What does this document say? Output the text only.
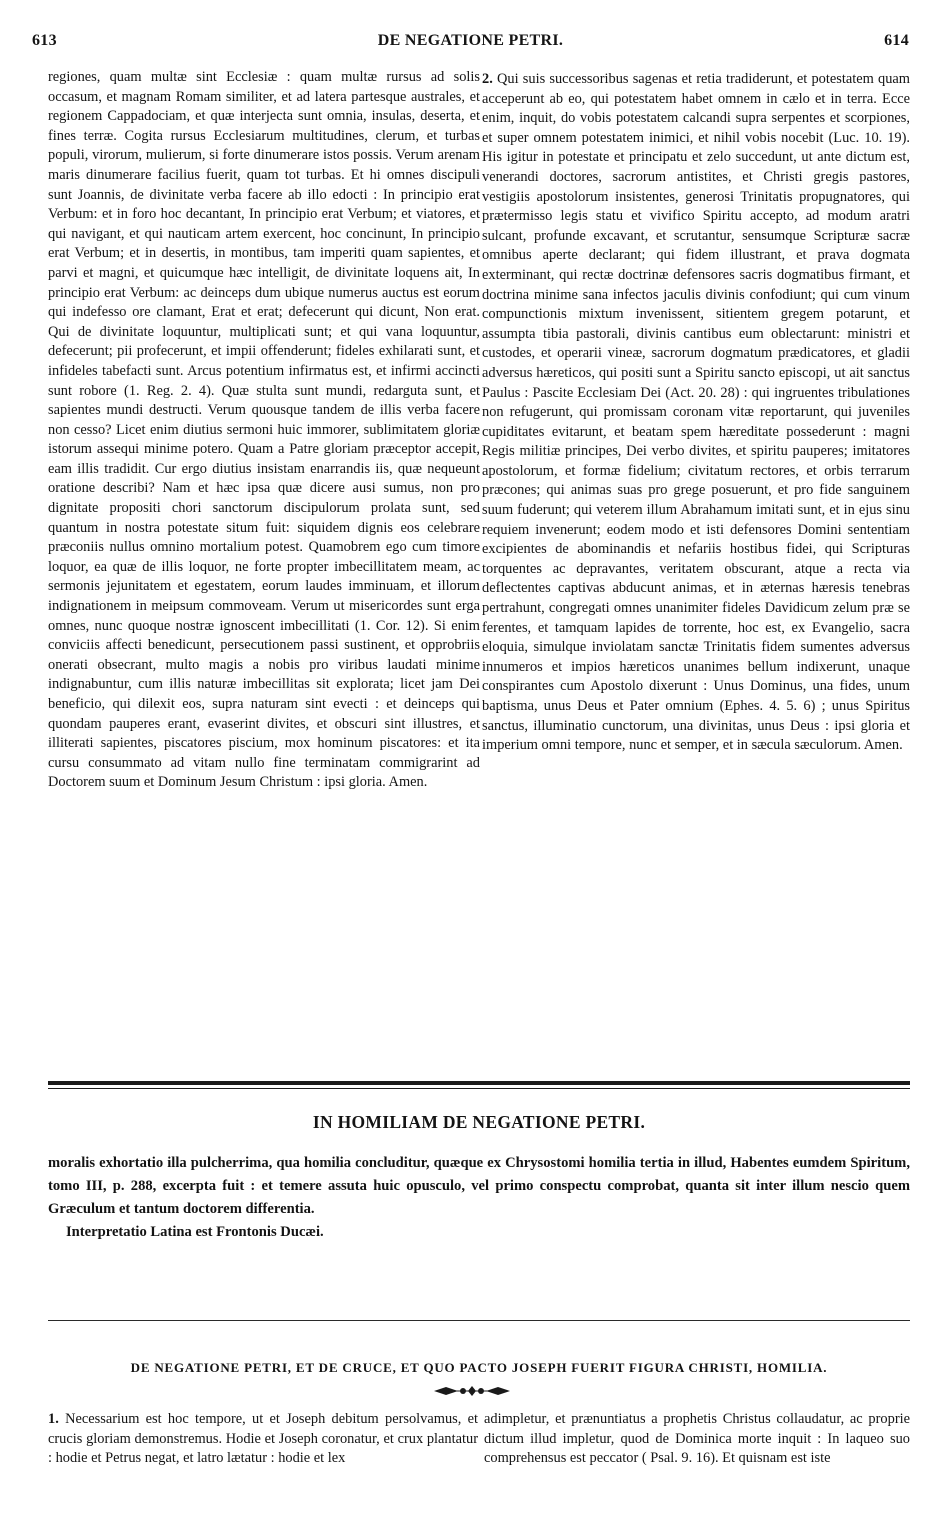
613	DE NEGATIONE PETRI.	614

regiones, quam multæ sint Ecclesiæ : quam multæ rursus ad solis occasum, et magnam Romam similiter, et ad latera partesque australes, et regionem Cappadociam, et quæ interjecta sunt omnia, insulas, deserta, et fines terræ. Cogita rursus Ecclesiarum multitudines, clerum, et turbas populi, virorum, mulierum, si forte dinumerare istos possis. Verum arenam maris dinumerare facilius fuerit, quam tot turbas. Et hi omnes discipuli sunt Joannis, de divinitate verba facere ab illo edocti : In principio erat Verbum: et in foro hoc decantant, In principio erat Verbum; et viatores, et qui navigant, et qui nauticam artem exercent, hoc concinunt, In principio erat Verbum; et in desertis, in montibus, tam imperiti quam sapientes, et parvi et magni, et quicumque hæc intelligit, de divinitate loquens ait, In principio erat Verbum: ac deinceps dum ubique numerus auctus est eorum qui indefesso ore clamant, Erat et erat; defecerunt qui dicunt, Non erat. Qui de divinitate loquuntur, multiplicati sunt; et qui vana loquuntur, defecerunt; pii profecerunt, et impii offenderunt; fideles exhilarati sunt, et infideles tabefacti sunt. Arcus potentium infirmatus est, et infirmi accincti sunt robore (1. Reg. 2. 4). Quæ stulta sunt mundi, redarguta sunt, et sapientes mundi destructi. Verum quousque tandem de illis verba facere non cesso? Licet enim diutius sermoni huic immorer, sublimitatem gloriæ istorum assequi minime potero. Quam a Patre gloriam præceptor accepit, eam illis tradidit. Cur ergo diutius insistam enarrandis iis, quæ nequeunt oratione describi? Nam et hæc ipsa quæ dicere ausi sumus, non pro dignitate propositi chori sanctorum discipulorum prolata sunt, sed quantum in nostra potestate situm fuit: siquidem dignis eos celebrare præconiis nullus omnino mortalium potest. Quamobrem ego cum timore loquor, ea quæ de illis loquor, ne forte propter imbecillitatem meam, ac sermonis jejunitatem et egestatem, eorum laudes imminuam, et illorum indignationem in meipsum commoveam. Verum ut misericordes sunt erga omnes, nunc quoque nostræ ignoscent imbecillitati (1. Cor. 12). Si enim conviciis affecti benedicunt, persecutionem passi sustinent, et opprobriis onerati obsecrant, multo magis a nobis pro viribus laudati minime indignabuntur, cum illis naturæ imbecillitas sit explorata; licet jam Dei beneficio, qui dilexit eos, supra naturam sint evecti : et deinceps qui quondam pauperes erant, evaserint divites, et obscuri sint illustres, et illiterati sapientes, piscatores piscium, mox hominum piscatores: et ita cursu consummato ad vitam nullo fine terminatam commigrarint ad Doctorem suum et Dominum Jesum Christum : ipsi gloria. Amen.

2. Qui suis successoribus sagenas et retia tradiderunt, et potestatem quam acceperunt ab eo, qui potestatem habet omnem in cælo et in terra. Ecce enim, inquit, do vobis potestatem calcandi supra serpentes et scorpiones, et super omnem potestatem inimici, et nihil vobis nocebit (Luc. 10. 19). His igitur in potestate et principatu et zelo succedunt, ut ante dictum est, venerandi doctores, sacrorum antistites, et Christi gregis pastores, vestigiis apostolorum insistentes, generosi Trinitatis propugnatores, qui prætermisso legis statu et vivifico Spiritu accepto, ad modum aratri sulcant, profunde excavant, et scrutantur, sensumque Scripturæ sacræ omnibus aperte declarant; qui fidem illustrant, et prava dogmata exterminant, qui rectæ doctrinæ defensores sacris dogmatibus firmant, et doctrina minime sana infectos jaculis divinis confodiunt; qui cum vinum compunctionis mixtum invenissent, sitientem gregem potarunt, et assumpta tibia pastorali, divinis cantibus eum oblectarunt: ministri et custodes, et operarii vineæ, sacrorum dogmatum prædicatores, et gladii adversus hæreticos, qui positi sunt a Spiritu sancto episcopi, ut ait sanctus Paulus : Pascite Ecclesiam Dei (Act. 20. 28) : qui ingruentes tribulationes non refugerunt, qui promissam coronam vitæ reportarunt, qui juveniles cupiditates evitarunt, et beatam spem hæreditate possederunt : magni Regis militiæ principes, Dei verbo divites, et spiritu pauperes; imitatores apostolorum, et formæ fidelium; civitatum rectores, et orbis terrarum præcones; qui animas suas pro grege posuerunt, et pro fide sanguinem suum fuderunt; qui veterem illum Abrahamum imitati sunt, et in ejus sinu requiem invenerunt; eodem modo et isti defensores Domini sententiam excipientes de abominandis et nefariis hostibus fidei, qui Scripturas torquentes ac depravantes, veritatem obscurant, atque a recta via deflectentes captivas abducunt animas, et in æternas hæresis tenebras pertrahunt, congregati omnes unanimiter fideles Davidicum zelum præ se ferentes, et tamquam lapides de torrente, hoc est, ex Evangelio, sacra eloquia, simulque inviolatam sanctæ Trinitatis fidem sumentes adversus innumeros et impios hæreticos unanimes bellum indixerunt, unaque conspirantes cum Apostolo dixerunt : Unus Dominus, una fides, unum baptisma, unus Deus et Pater omnium (Ephes. 4. 5. 6) ; unus Spiritus sanctus, illuminatio cunctorum, una divinitas, unus Deus : ipsi gloria et imperium omni tempore, nunc et semper, et in sæcula sæculorum. Amen.

IN HOMILIAM DE NEGATIONE PETRI.

moralis exhortatio illa pulcherrima, qua homilia concluditur, quæque ex Chrysostomi homilia tertia in illud, Habentes eumdem Spiritum, tomo III, p. 288, excerpta fuit : et temere assuta huic opusculo, vel primo conspectu comprobat, quanta sit inter illum nescio quem Græculum et tantum doctorem differentia.

Interpretatio Latina est Frontonis Ducæi.

DE NEGATIONE PETRI, ET DE CRUCE, ET QUO PACTO JOSEPH FUERIT FIGURA CHRISTI, HOMILIA.

1. Necessarium est hoc tempore, ut et Joseph debitum persolvamus, et crucis gloriam demonstremus. Hodie et Joseph coronatur, et crux plantatur : hodie et Petrus negat, et latro lætatur : hodie et lex

adimpletur, et prænuntiatus a prophetis Christus collaudatur, ac proprie dictum illud impletur, quod de Dominica morte inquit : In laqueo suo comprehensus est peccator ( Psal. 9. 16). Et quisnam est iste
